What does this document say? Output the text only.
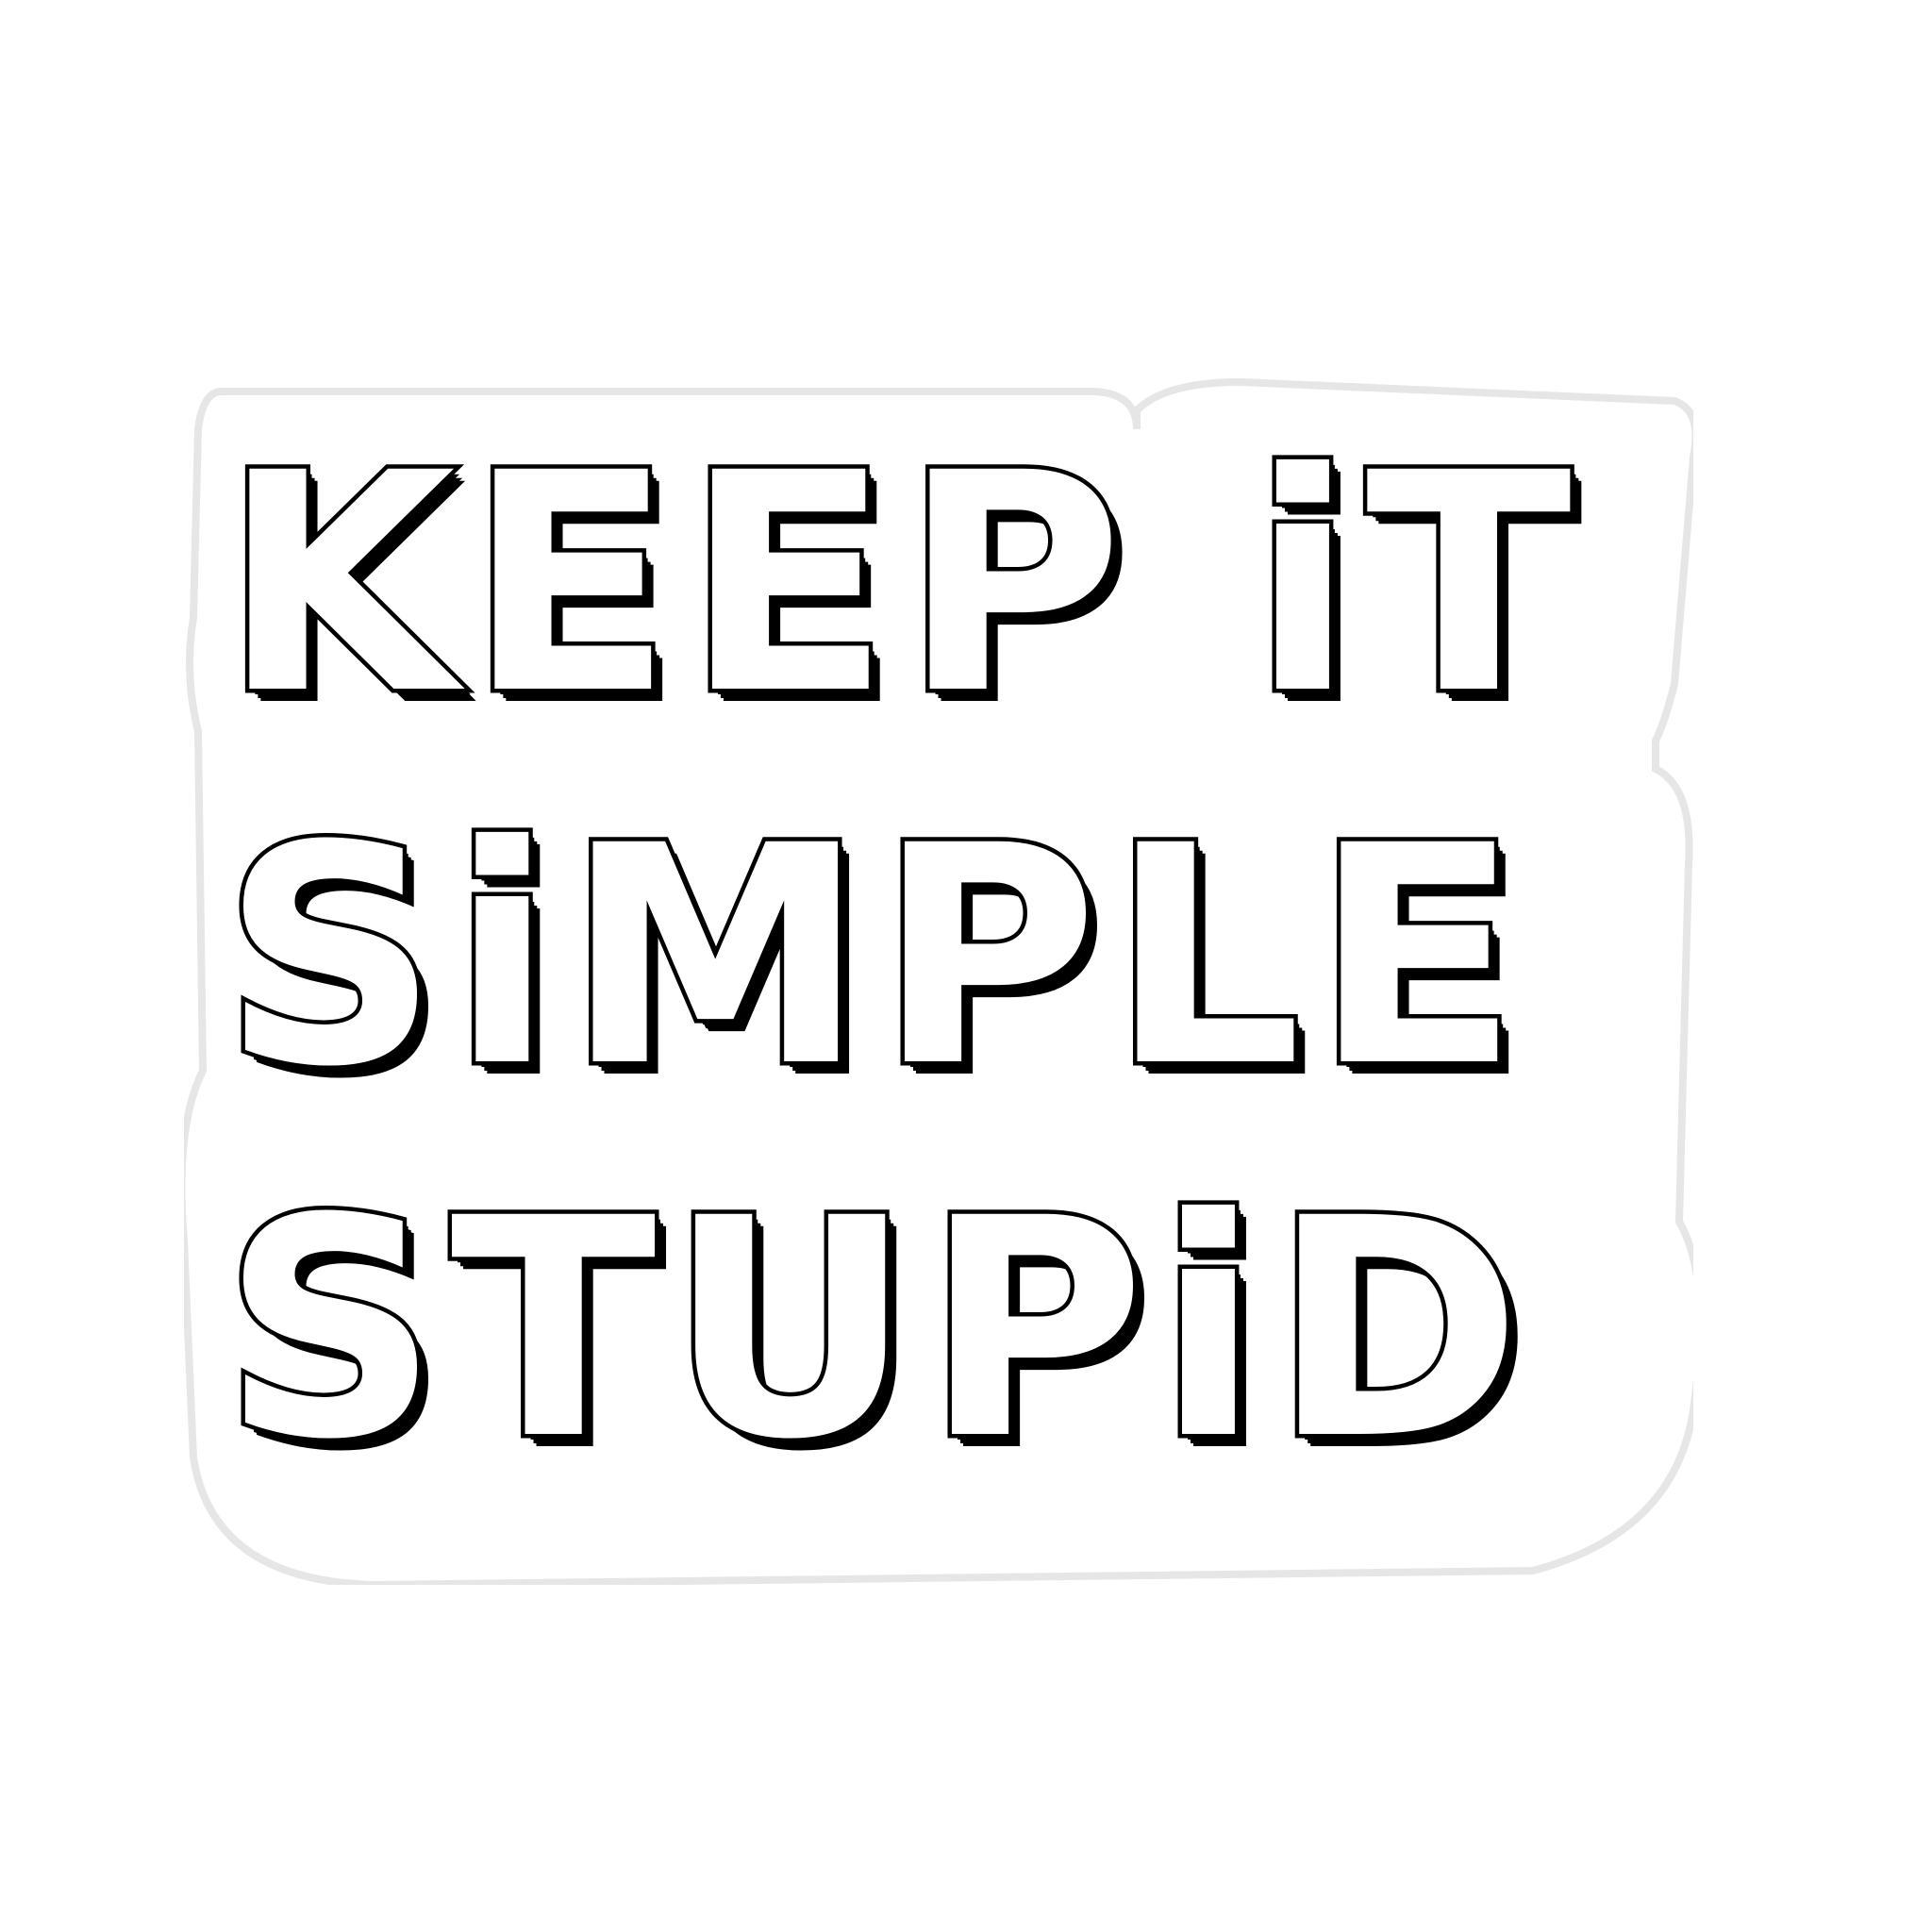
KEEP iT
SiMPLE
STUPiD
